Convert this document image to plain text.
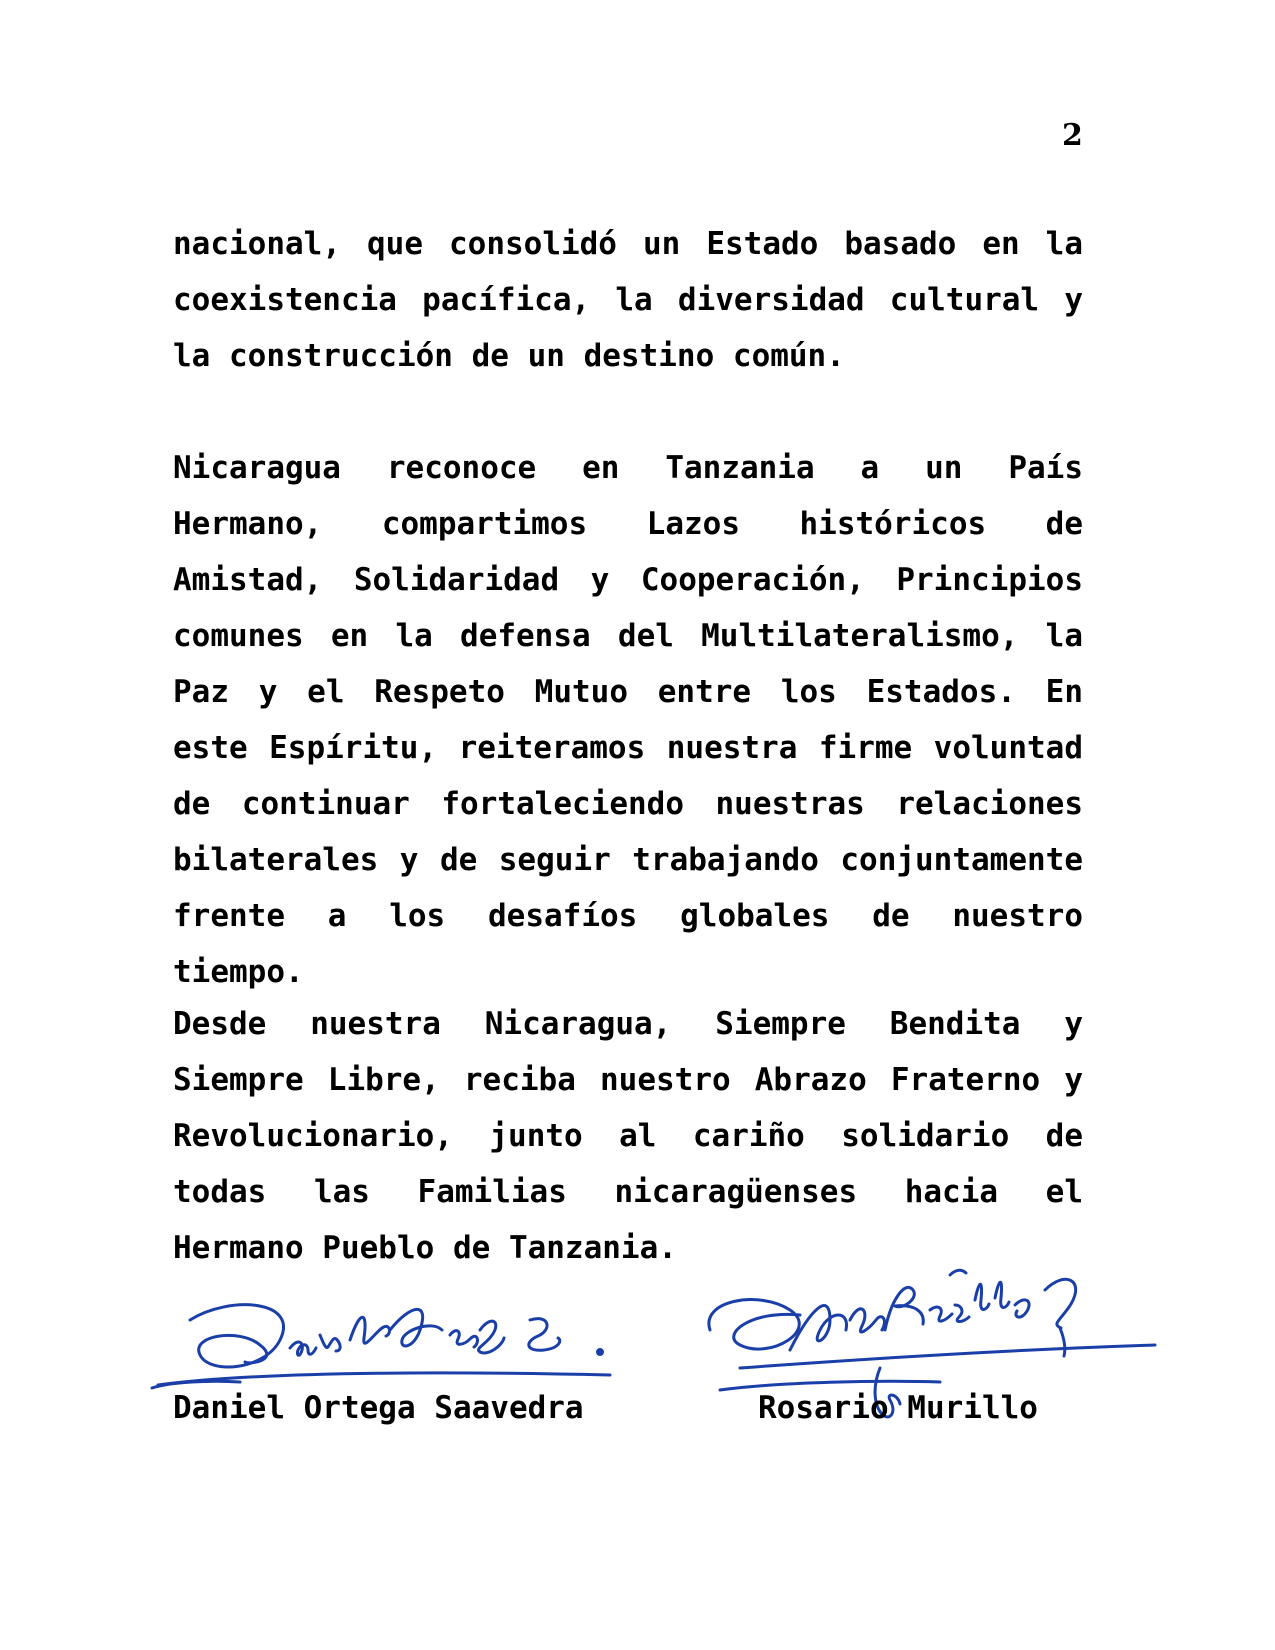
2

nacional, que consolidó un Estado basado en la coexistencia pacífica, la diversidad cultural y la construcción de un destino común.

Nicaragua reconoce en Tanzania a un País Hermano, compartimos Lazos históricos de Amistad, Solidaridad y Cooperación, Principios comunes en la defensa del Multilateralismo, la Paz y el Respeto Mutuo entre los Estados. En este Espíritu, reiteramos nuestra firme voluntad de continuar fortaleciendo nuestras relaciones bilaterales y de seguir trabajando conjuntamente frente a los desafíos globales de nuestro tiempo.

Desde nuestra Nicaragua, Siempre Bendita y Siempre Libre, reciba nuestro Abrazo Fraterno y Revolucionario, junto al cariño solidario de todas las Familias nicaragüenses hacia el Hermano Pueblo de Tanzania.

Daniel Ortega Saavedra	Rosario Murillo
